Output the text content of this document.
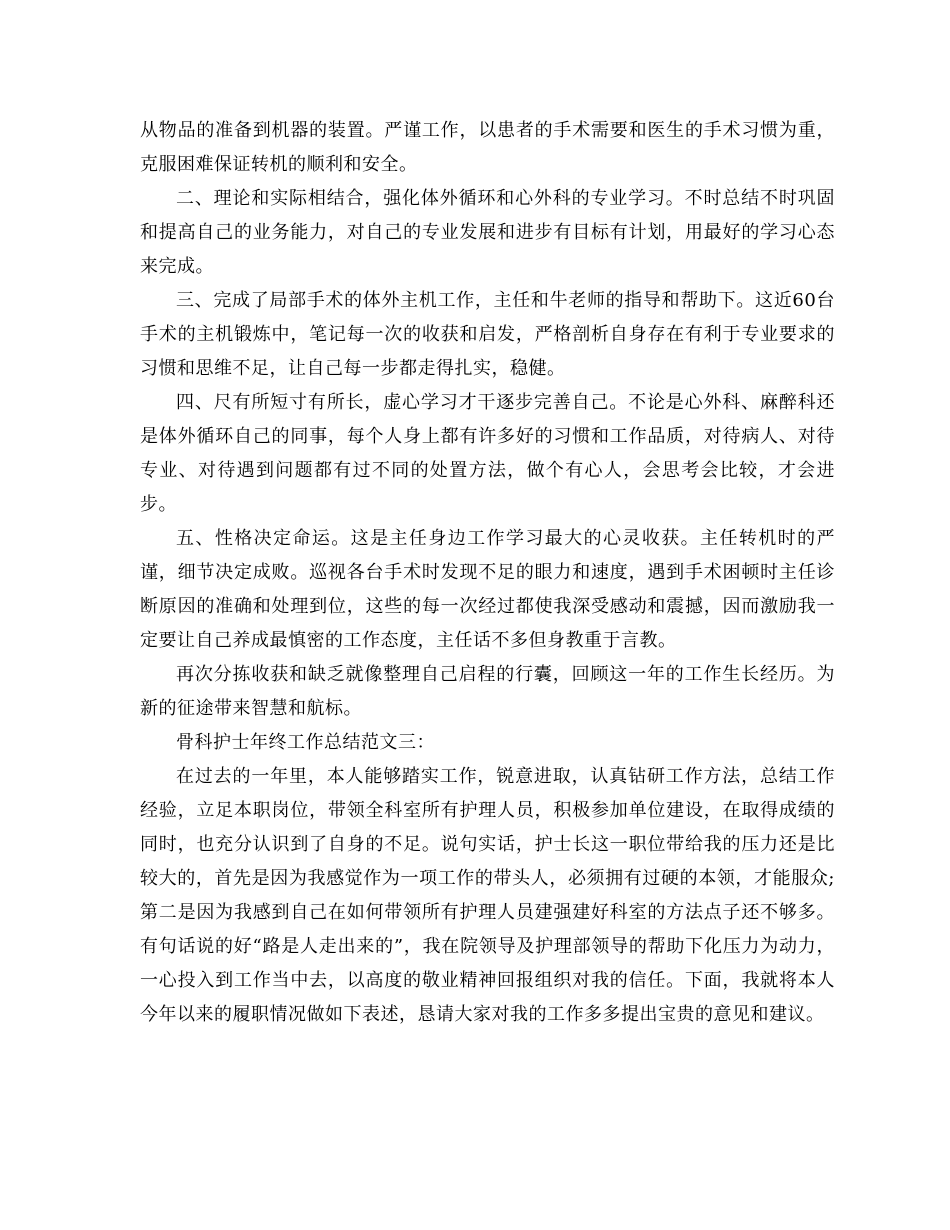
从物品的准备到机器的装置。严谨工作，以患者的手术需要和医生的手术习惯为重，克服困难保证转机的顺利和安全。

二、理论和实际相结合，强化体外循环和心外科的专业学习。不时总结不时巩固和提高自己的业务能力，对自己的专业发展和进步有目标有计划，用最好的学习心态来完成。

三、完成了局部手术的体外主机工作，主任和牛老师的指导和帮助下。这近60台手术的主机锻炼中，笔记每一次的收获和启发，严格剖析自身存在有利于专业要求的习惯和思维不足，让自己每一步都走得扎实，稳健。

四、尺有所短寸有所长，虚心学习才干逐步完善自己。不论是心外科、麻醉科还是体外循环自己的同事，每个人身上都有许多好的习惯和工作品质，对待病人、对待专业、对待遇到问题都有过不同的处置方法，做个有心人，会思考会比较，才会进步。

五、性格决定命运。这是主任身边工作学习最大的心灵收获。主任转机时的严谨，细节决定成败。巡视各台手术时发现不足的眼力和速度，遇到手术困顿时主任诊断原因的准确和处理到位，这些的每一次经过都使我深受感动和震撼，因而激励我一定要让自己养成最慎密的工作态度，主任话不多但身教重于言教。

再次分拣收获和缺乏就像整理自己启程的行囊，回顾这一年的工作生长经历。为新的征途带来智慧和航标。

骨科护士年终工作总结范文三：

在过去的一年里，本人能够踏实工作，锐意进取，认真钻研工作方法，总结工作经验，立足本职岗位，带领全科室所有护理人员，积极参加单位建设，在取得成绩的同时，也充分认识到了自身的不足。说句实话，护士长这一职位带给我的压力还是比较大的，首先是因为我感觉作为一项工作的带头人，必须拥有过硬的本领，才能服众;第二是因为我感到自己在如何带领所有护理人员建强建好科室的方法点子还不够多。有句话说的好“路是人走出来的”，我在院领导及护理部领导的帮助下化压力为动力，一心投入到工作当中去，以高度的敬业精神回报组织对我的信任。下面，我就将本人今年以来的履职情况做如下表述，恳请大家对我的工作多多提出宝贵的意见和建议。
